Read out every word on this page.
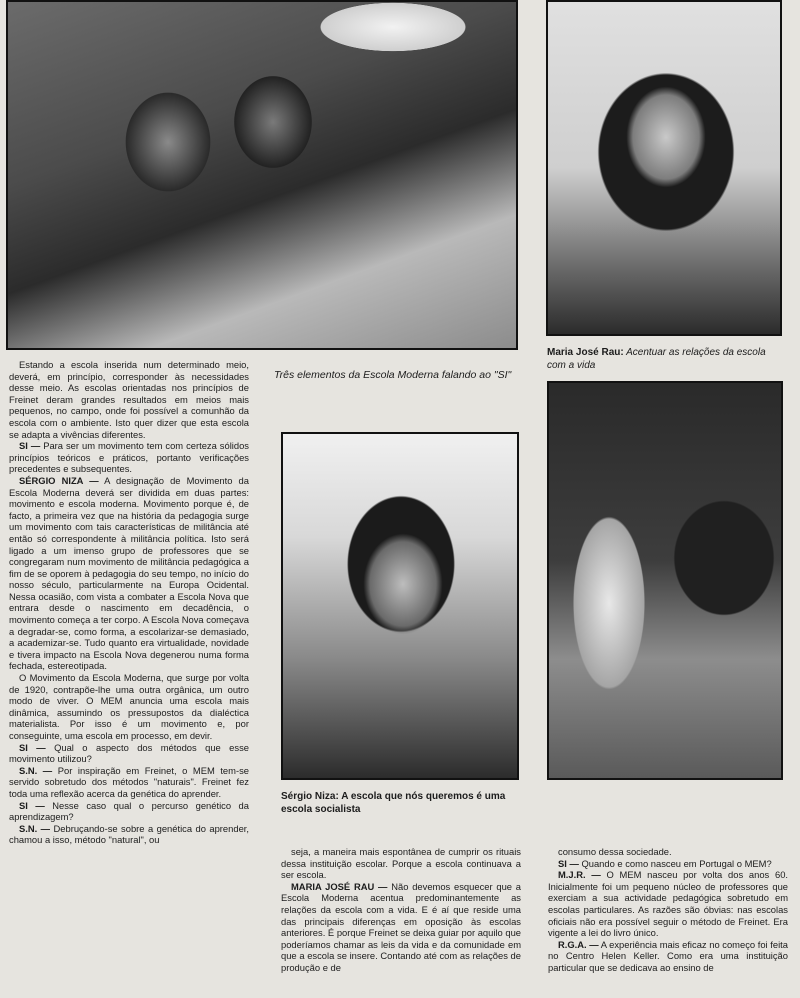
Maria José Rau: Acentuar as relações da escola com a vida
Três elementos da Escola Moderna falando ao "SI"
Sérgio Niza: A escola que nós queremos é uma escola socialista

Estando a escola inserida num determinado meio, deverá, em princípio, corresponder às necessidades desse meio. As escolas orientadas nos princípios de Freinet deram grandes resultados em meios mais pequenos, no campo, onde foi possível a comunhão da escola com o ambiente. Isto quer dizer que esta escola se adapta a vivências diferentes.

SI — Para ser um movimento tem com certeza sólidos princípios teóricos e práticos, portanto verificações precedentes e subsequentes.

SÉRGIO NIZA — A designação de Movimento da Escola Moderna deverá ser dividida em duas partes: movimento e escola moderna. Movimento porque é, de facto, a primeira vez que na história da pedagogia surge um movimento com tais características de militância até então só correspondente à militância política. Isto será ligado a um imenso grupo de professores que se congregaram num movimento de militância pedagógica a fim de se oporem à pedagogia do seu tempo, no início do nosso século, particularmente na Europa Ocidental. Nessa ocasião, com vista a combater a Escola Nova que entrara desde o nascimento em decadência, o movimento começa a ter corpo. A Escola Nova começava a degradar-se, como forma, a escolarizar-se demasiado, a academizar-se. Tudo quanto era virtualidade, novidade e tivera impacto na Escola Nova degenerou numa forma fechada, estereotipada.

O Movimento da Escola Moderna, que surge por volta de 1920, contrapõe-lhe uma outra orgânica, um outro modo de viver. O MEM anuncia uma escola mais dinâmica, assumindo os pressupostos da dialéctica materialista. Por isso é um movimento e, por conseguinte, uma escola em processo, em devir.

SI — Qual o aspecto dos métodos que esse movimento utilizou?

S.N. — Por inspiração em Freinet, o MEM tem-se servido sobretudo dos métodos "naturais". Freinet fez toda uma reflexão acerca da genética do aprender.

SI — Nesse caso qual o percurso genético da aprendizagem?

S.N. — Debruçando-se sobre a genética do aprender, chamou a isso, método "natural", ou

seja, a maneira mais espontânea de cumprir os rituais dessa instituição escolar. Porque a escola continuava a ser escola.

MARIA JOSÉ RAU — Não devemos esquecer que a Escola Moderna acentua predominantemente as relações da escola com a vida. E é aí que reside uma das principais diferenças em oposição às escolas anteriores. É porque Freinet se deixa guiar por aquilo que poderíamos chamar as leis da vida e da comunidade em que a escola se insere. Contando até com as relações de produção e de

consumo dessa sociedade.

SI — Quando e como nasceu em Portugal o MEM?

M.J.R. — O MEM nasceu por volta dos anos 60. Inicialmente foi um pequeno núcleo de professores que exerciam a sua actividade pedagógica sobretudo em escolas particulares. As razões são óbvias: nas escolas oficiais não era possível seguir o método de Freinet. Era vigente a lei do livro único.

R.G.A. — A experiência mais eficaz no começo foi feita no Centro Helen Keller. Como era uma instituição particular que se dedicava ao ensino de
